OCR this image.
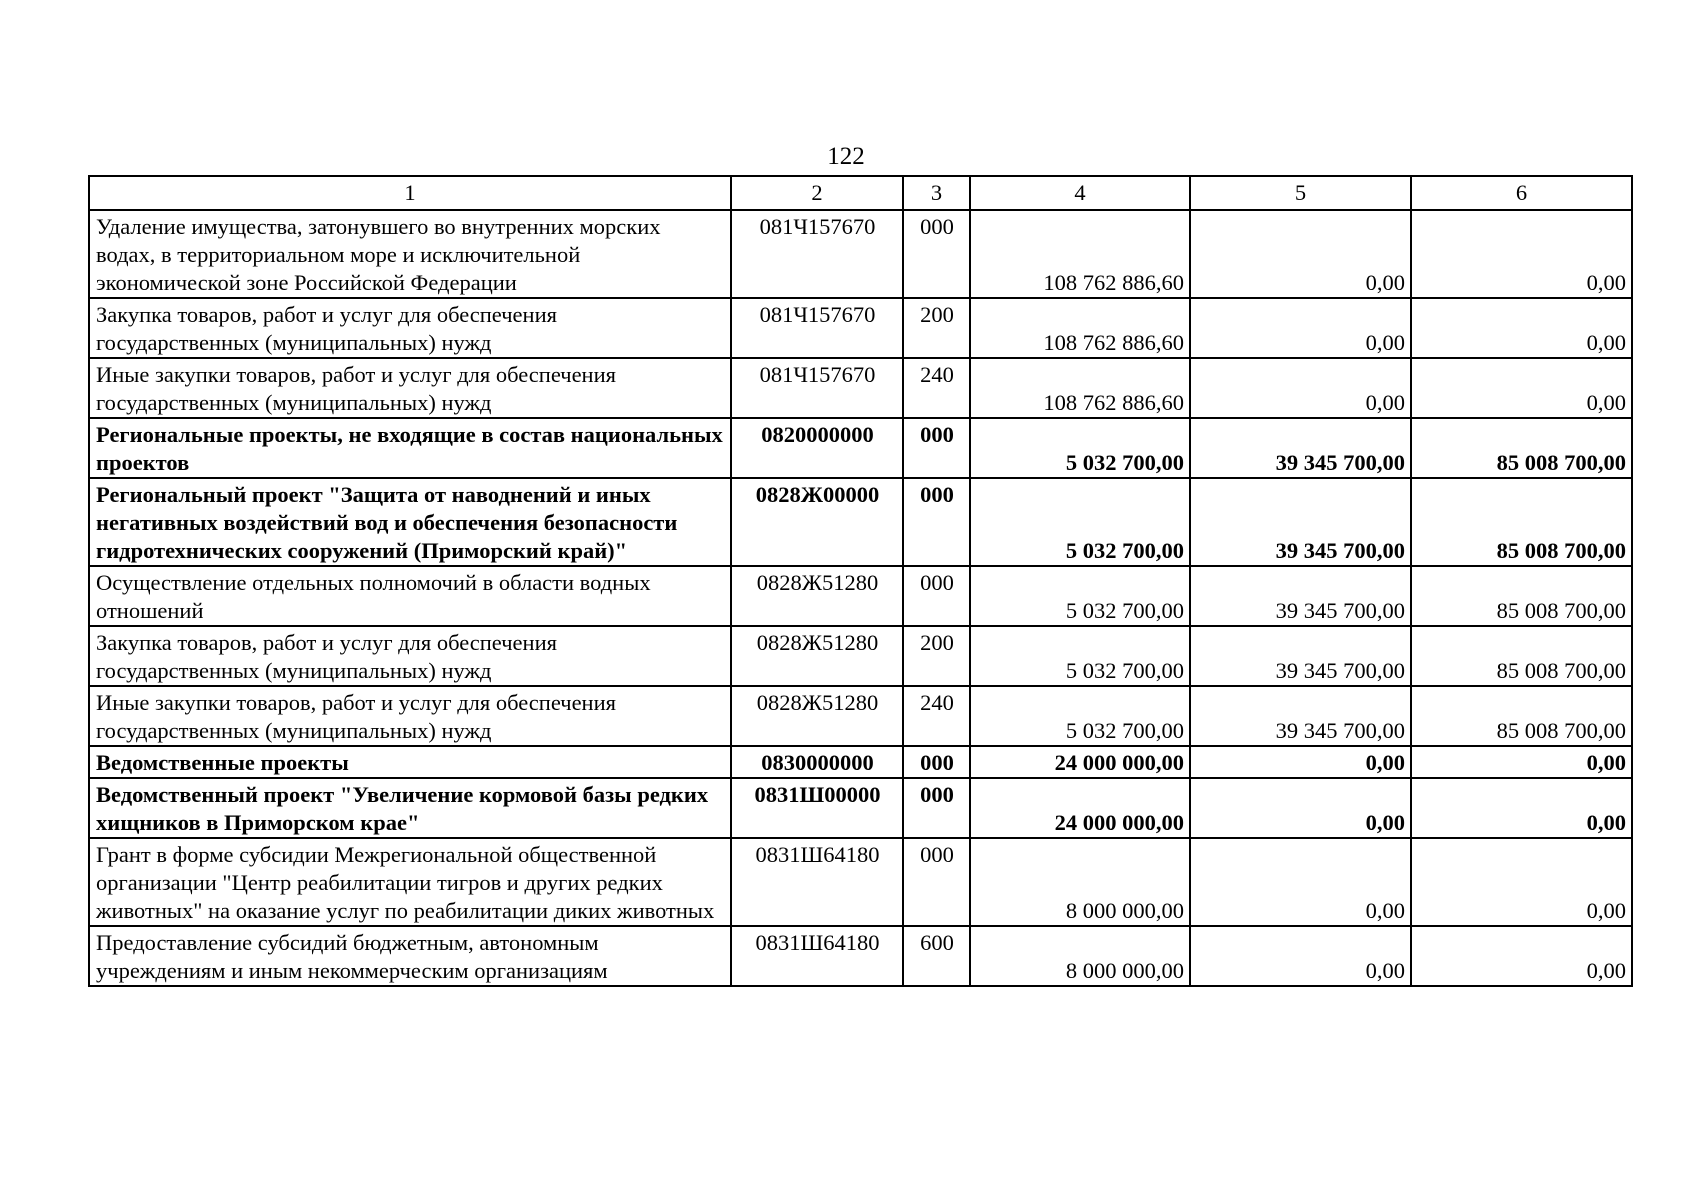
122
1	2	3	4	5	6
Удаление имущества, затонувшего во внутренних морских водах, в территориальном море и исключительной экономической зоне Российской Федерации	081Ч157670	000	108 762 886,60	0,00	0,00
Закупка товаров, работ и услуг для обеспечения государственных (муниципальных) нужд	081Ч157670	200	108 762 886,60	0,00	0,00
Иные закупки товаров, работ и услуг для обеспечения государственных (муниципальных) нужд	081Ч157670	240	108 762 886,60	0,00	0,00
Региональные проекты, не входящие в состав национальных проектов	0820000000	000	5 032 700,00	39 345 700,00	85 008 700,00
Региональный проект "Защита от наводнений и иных негативных воздействий вод и обеспечения безопасности гидротехнических сооружений (Приморский край)"	0828Ж00000	000	5 032 700,00	39 345 700,00	85 008 700,00
Осуществление отдельных полномочий в области водных отношений	0828Ж51280	000	5 032 700,00	39 345 700,00	85 008 700,00
Закупка товаров, работ и услуг для обеспечения государственных (муниципальных) нужд	0828Ж51280	200	5 032 700,00	39 345 700,00	85 008 700,00
Иные закупки товаров, работ и услуг для обеспечения государственных (муниципальных) нужд	0828Ж51280	240	5 032 700,00	39 345 700,00	85 008 700,00
Ведомственные проекты	0830000000	000	24 000 000,00	0,00	0,00
Ведомственный проект "Увеличение кормовой базы редких хищников в Приморском крае"	0831Ш00000	000	24 000 000,00	0,00	0,00
Грант в форме субсидии Межрегиональной общественной организации "Центр реабилитации тигров и других редких животных" на оказание услуг по реабилитации диких животных	0831Ш64180	000	8 000 000,00	0,00	0,00
Предоставление субсидий бюджетным, автономным учреждениям и иным некоммерческим организациям	0831Ш64180	600	8 000 000,00	0,00	0,00
